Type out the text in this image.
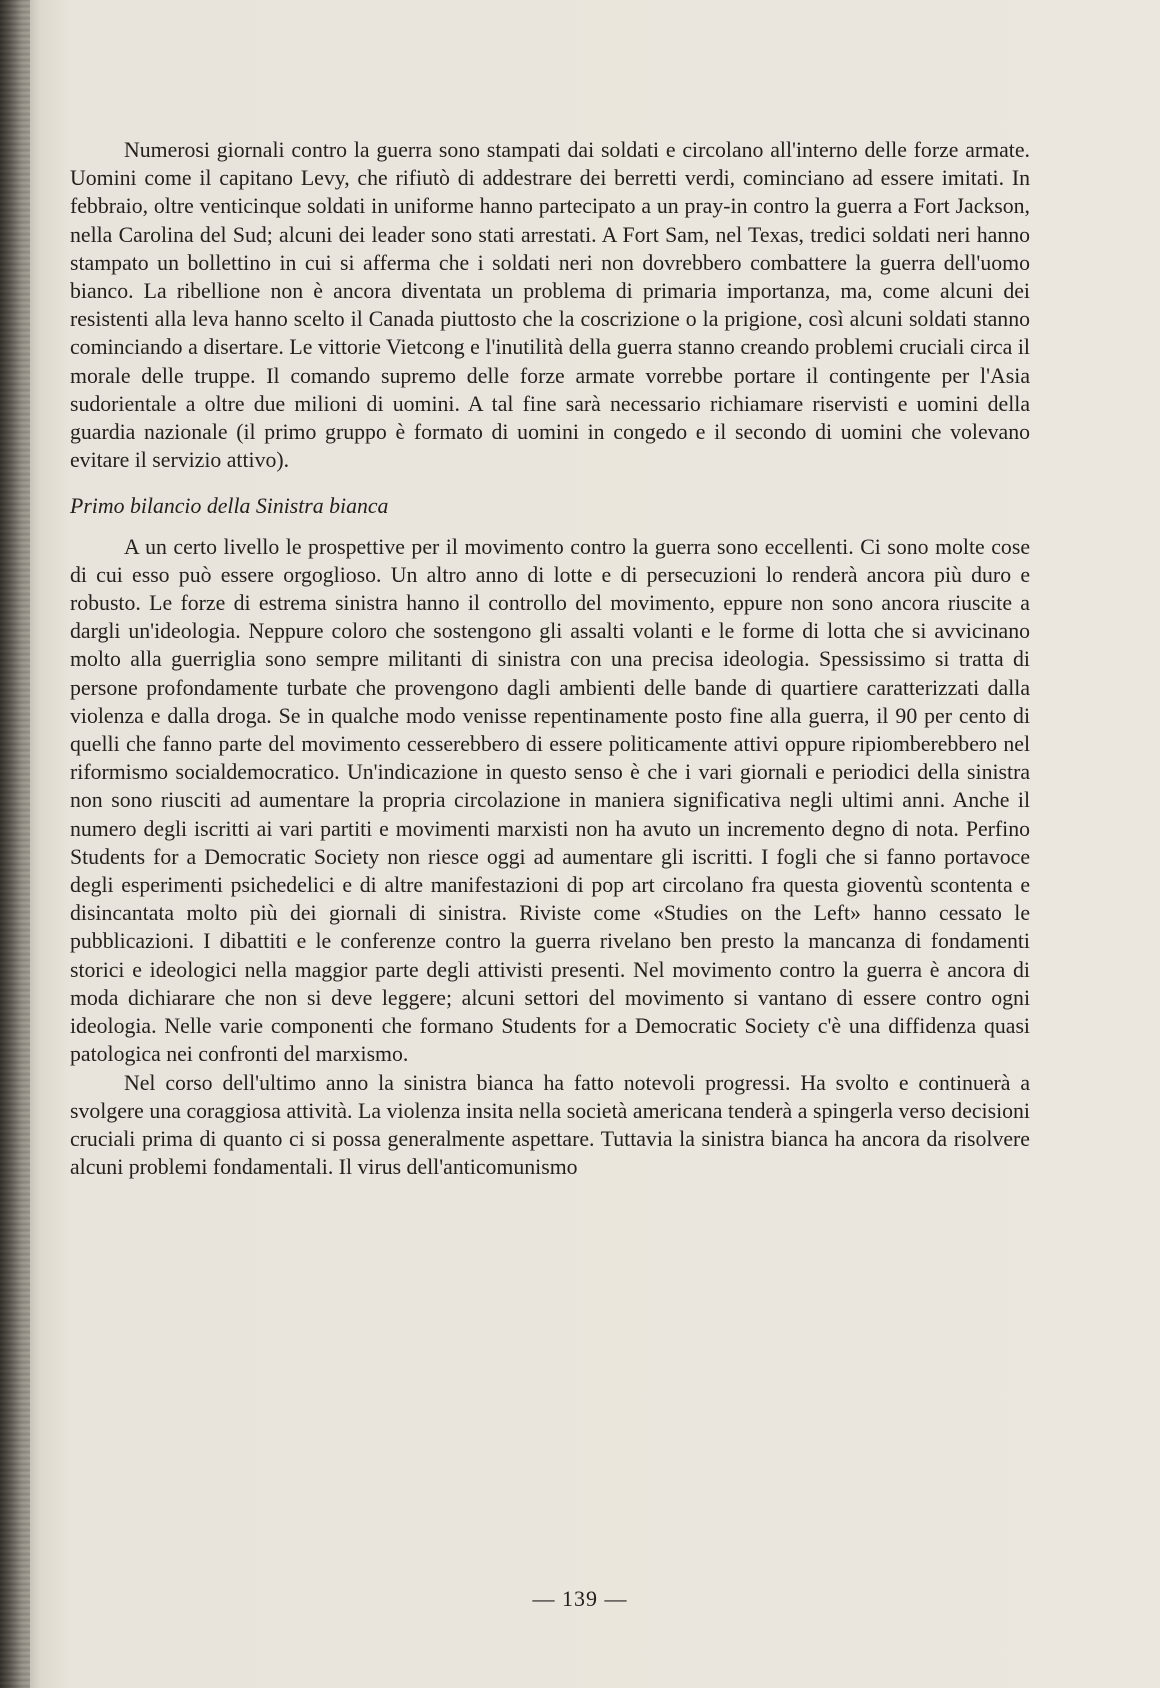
Numerosi giornali contro la guerra sono stampati dai soldati e circolano all'interno delle forze armate. Uomini come il capitano Levy, che rifiutò di addestrare dei berretti verdi, cominciano ad essere imitati. In febbraio, oltre venticinque soldati in uniforme hanno partecipato a un pray-in contro la guerra a Fort Jackson, nella Carolina del Sud; alcuni dei leader sono stati arrestati. A Fort Sam, nel Texas, tredici soldati neri hanno stampato un bollettino in cui si afferma che i soldati neri non dovrebbero combattere la guerra dell'uomo bianco. La ribellione non è ancora diventata un problema di primaria importanza, ma, come alcuni dei resistenti alla leva hanno scelto il Canada piuttosto che la coscrizione o la prigione, così alcuni soldati stanno cominciando a disertare. Le vittorie Vietcong e l'inutilità della guerra stanno creando problemi cruciali circa il morale delle truppe. Il comando supremo delle forze armate vorrebbe portare il contingente per l'Asia sudorientale a oltre due milioni di uomini. A tal fine sarà necessario richiamare riservisti e uomini della guardia nazionale (il primo gruppo è formato di uomini in congedo e il secondo di uomini che volevano evitare il servizio attivo).

Primo bilancio della Sinistra bianca

A un certo livello le prospettive per il movimento contro la guerra sono eccellenti. Ci sono molte cose di cui esso può essere orgoglioso. Un altro anno di lotte e di persecuzioni lo renderà ancora più duro e robusto. Le forze di estrema sinistra hanno il controllo del movimento, eppure non sono ancora riuscite a dargli un'ideologia. Neppure coloro che sostengono gli assalti volanti e le forme di lotta che si avvicinano molto alla guerriglia sono sempre militanti di sinistra con una precisa ideologia. Spessissimo si tratta di persone profondamente turbate che provengono dagli ambienti delle bande di quartiere caratterizzati dalla violenza e dalla droga. Se in qualche modo venisse repentinamente posto fine alla guerra, il 90 per cento di quelli che fanno parte del movimento cesserebbero di essere politicamente attivi oppure ripiomberebbero nel riformismo socialdemocratico. Un'indicazione in questo senso è che i vari giornali e periodici della sinistra non sono riusciti ad aumentare la propria circolazione in maniera significativa negli ultimi anni. Anche il numero degli iscritti ai vari partiti e movimenti marxisti non ha avuto un incremento degno di nota. Perfino Students for a Democratic Society non riesce oggi ad aumentare gli iscritti. I fogli che si fanno portavoce degli esperimenti psichedelici e di altre manifestazioni di pop art circolano fra questa gioventù scontenta e disincantata molto più dei giornali di sinistra. Riviste come «Studies on the Left» hanno cessato le pubblicazioni. I dibattiti e le conferenze contro la guerra rivelano ben presto la mancanza di fondamenti storici e ideologici nella maggior parte degli attivisti presenti. Nel movimento contro la guerra è ancora di moda dichiarare che non si deve leggere; alcuni settori del movimento si vantano di essere contro ogni ideologia. Nelle varie componenti che formano Students for a Democratic Society c'è una diffidenza quasi patologica nei confronti del marxismo.

Nel corso dell'ultimo anno la sinistra bianca ha fatto notevoli progressi. Ha svolto e continuerà a svolgere una coraggiosa attività. La violenza insita nella società americana tenderà a spingerla verso decisioni cruciali prima di quanto ci si possa generalmente aspettare. Tuttavia la sinistra bianca ha ancora da risolvere alcuni problemi fondamentali. Il virus dell'anticomunismo

— 139 —
